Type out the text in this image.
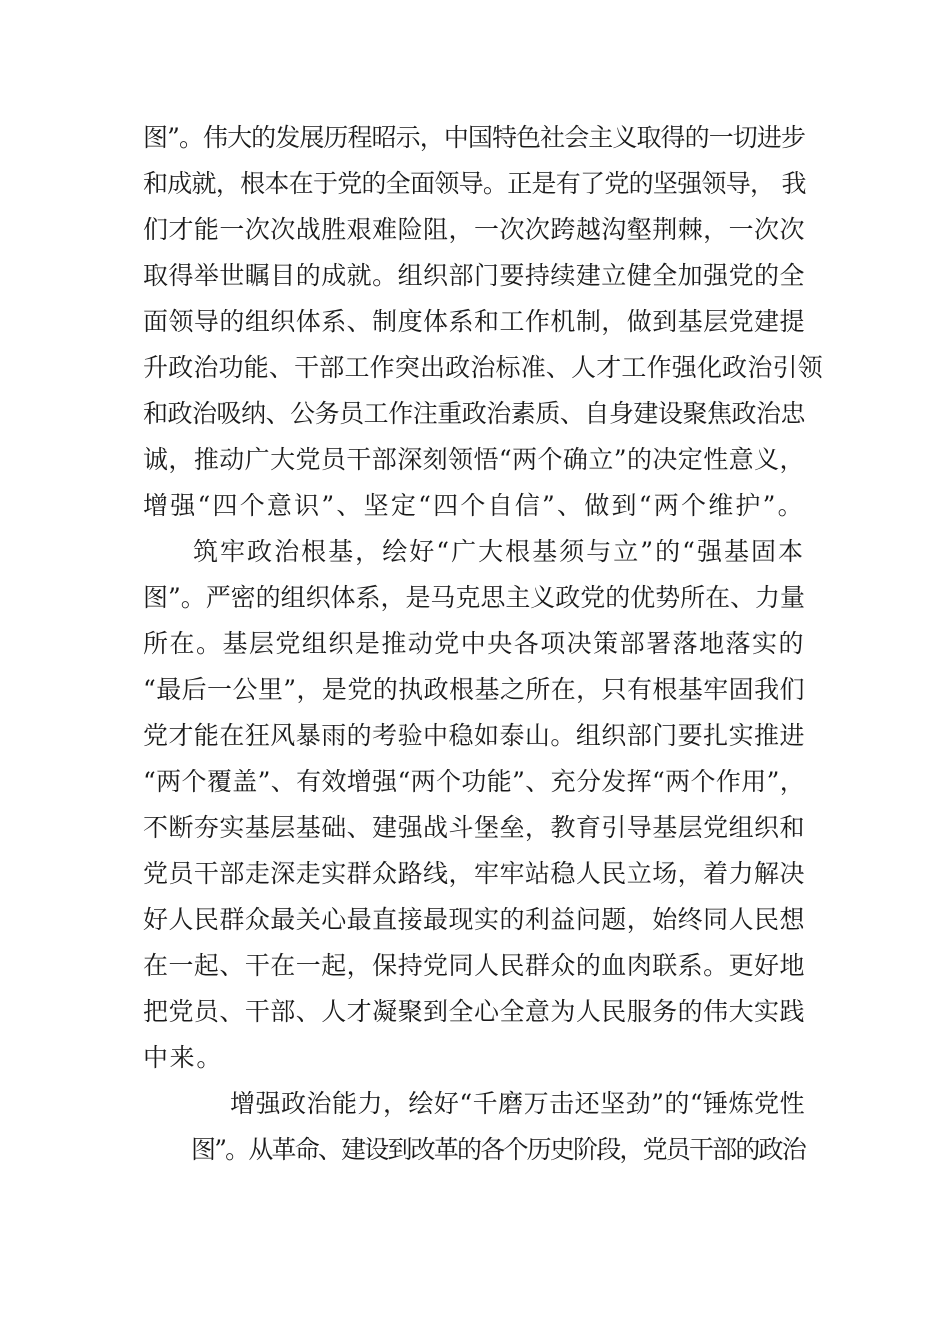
图”。伟大的发展历程昭示，中国特色社会主义取得的一切进步
和成就，根本在于党的全面领导。正是有了党的坚强领导， 我
们才能一次次战胜艰难险阻，一次次跨越沟壑荆棘，一次次
取得举世瞩目的成就。组织部门要持续建立健全加强党的全
面领导的组织体系、制度体系和工作机制，做到基层党建提
升政治功能、干部工作突出政治标准、人才工作强化政治引领
和政治吸纳、公务员工作注重政治素质、自身建设聚焦政治忠
诚，推动广大党员干部深刻领悟“两个确立”的决定性意义，
增强“四个意识”、坚定“四个自信”、做到“两个维护”。
筑牢政治根基，绘好“广大根基须与立”的“强基固本
图”。严密的组织体系，是马克思主义政党的优势所在、力量
所在。基层党组织是推动党中央各项决策部署落地落实的
“最后一公里”，是党的执政根基之所在，只有根基牢固我们
党才能在狂风暴雨的考验中稳如泰山。组织部门要扎实推进
“两个覆盖”、有效增强“两个功能”、充分发挥“两个作用”，
不断夯实基层基础、建强战斗堡垒，教育引导基层党组织和
党员干部走深走实群众路线，牢牢站稳人民立场，着力解决
好人民群众最关心最直接最现实的利益问题，始终同人民想
在一起、干在一起，保持党同人民群众的血肉联系。更好地
把党员、干部、人才凝聚到全心全意为人民服务的伟大实践
中来。
增强政治能力，绘好“千磨万击还坚劲”的“锤炼党性
图”。从革命、建设到改革的各个历史阶段，党员干部的政治
